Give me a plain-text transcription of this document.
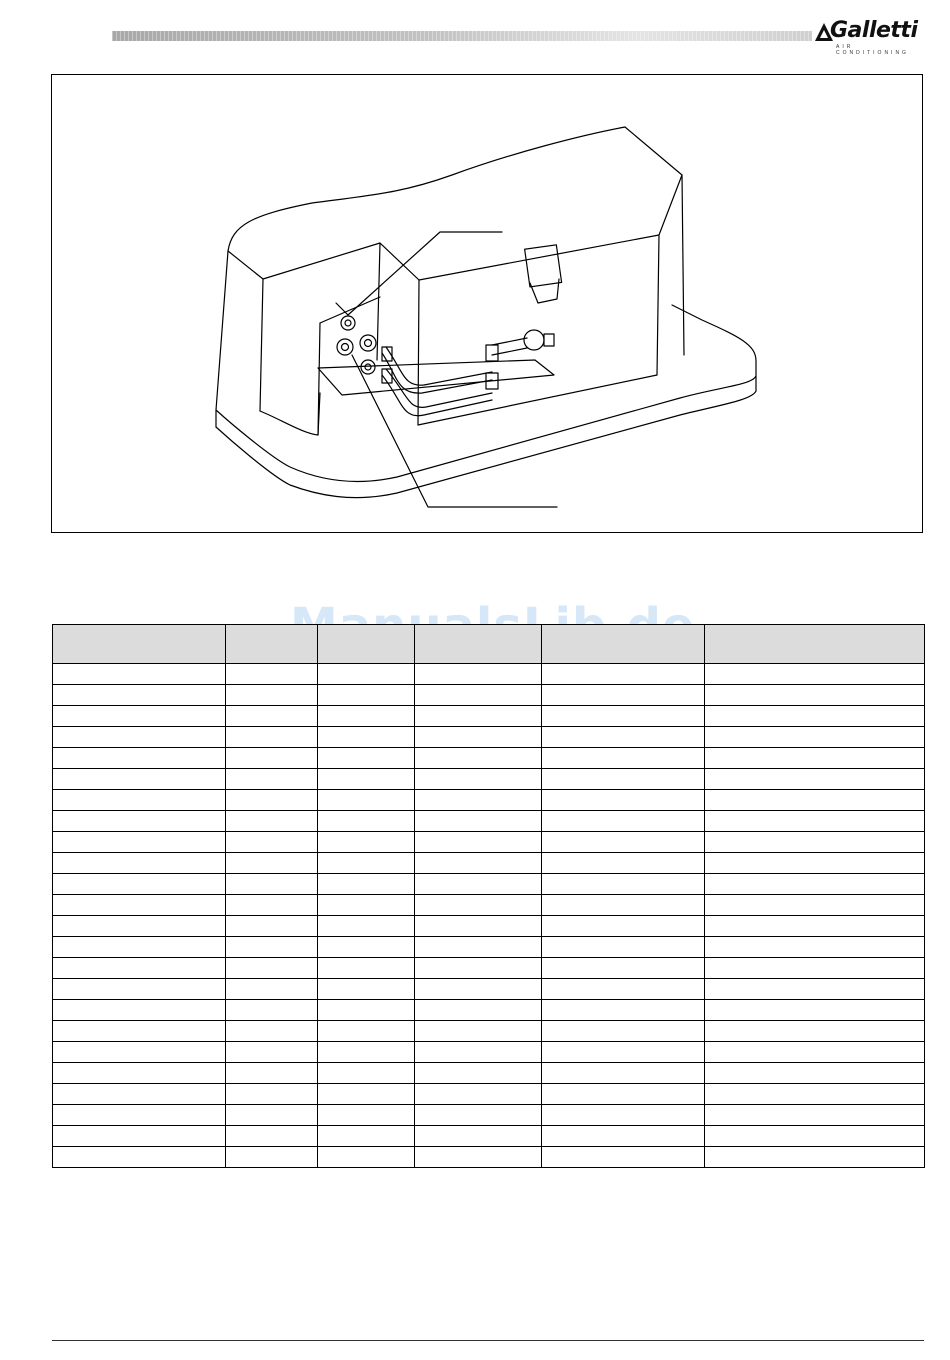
Galletti
AIR CONDITIONING
